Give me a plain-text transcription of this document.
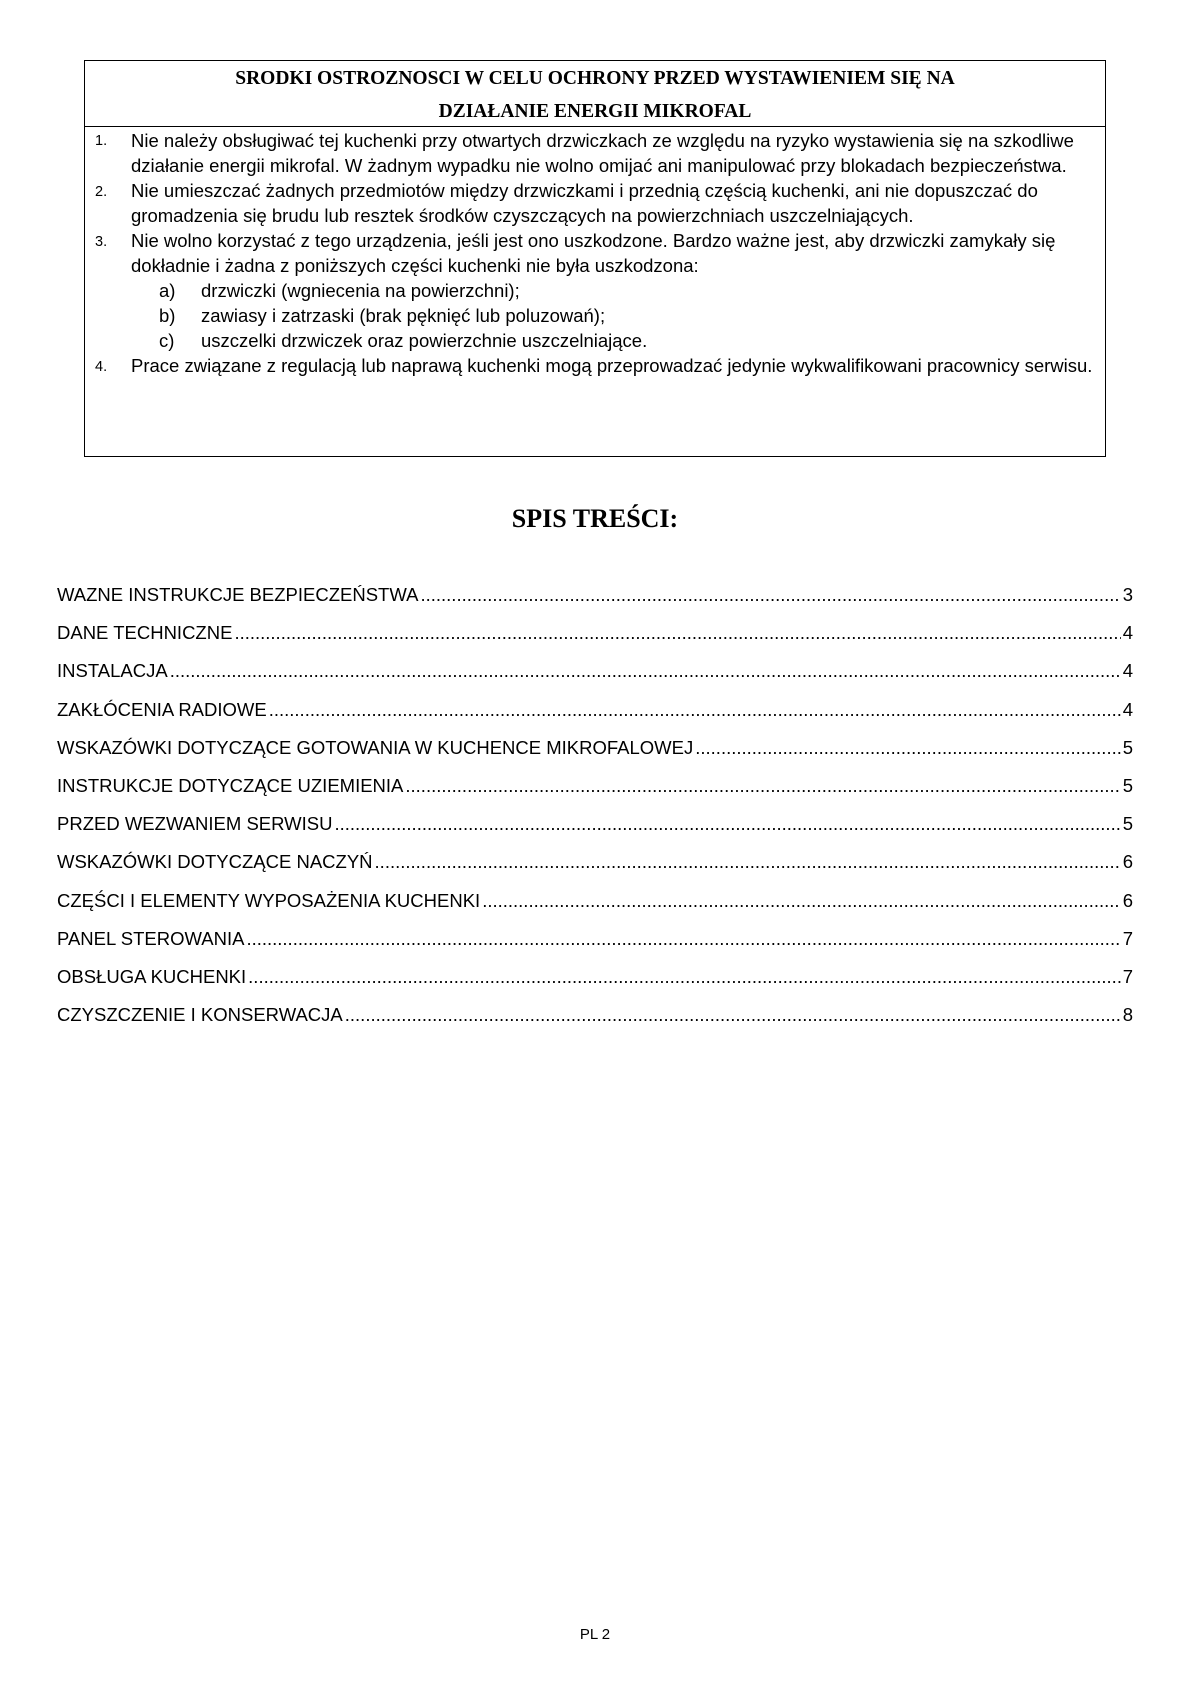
SRODKI OSTROZNOSCI W CELU OCHRONY PRZED WYSTAWIENIEM SIĘ NA
DZIAŁANIE ENERGII MIKROFAL
1. Nie należy obsługiwać tej kuchenki przy otwartych drzwiczkach ze względu na ryzyko wystawienia się na szkodliwe działanie energii mikrofal. W żadnym wypadku nie wolno omijać ani manipulować przy blokadach bezpieczeństwa.
2. Nie umieszczać żadnych przedmiotów między drzwiczkami i przednią częścią kuchenki, ani nie dopuszczać do gromadzenia się brudu lub resztek środków czyszczących na powierzchniach uszczelniających.
3. Nie wolno korzystać z tego urządzenia, jeśli jest ono uszkodzone. Bardzo ważne jest, aby drzwiczki zamykały się dokładnie i żadna z poniższych części kuchenki nie była uszkodzona:
a)	drzwiczki (wgniecenia na powierzchni);
b)	zawiasy i zatrzaski (brak pęknięć lub poluzowań);
c)	uszczelki drzwiczek oraz powierzchnie uszczelniające.
4. Prace związane z regulacją lub naprawą kuchenki mogą przeprowadzać jedynie wykwalifikowani pracownicy serwisu.
SPIS TREŚCI:
WAZNE INSTRUKCJE BEZPIECZEŃSTWA .....	3
DANE TECHNICZNE .....	4
INSTALACJA .....	4
ZAKŁÓCENIA RADIOWE .....	4
WSKAZÓWKI DOTYCZĄCE GOTOWANIA W KUCHENCE MIKROFALOWEJ .....	5
INSTRUKCJE DOTYCZĄCE UZIEMIENIA .....	5
PRZED WEZWANIEM SERWISU .....	5
WSKAZÓWKI DOTYCZĄCE NACZYŃ .....	6
CZĘŚCI I ELEMENTY WYPOSAŻENIA KUCHENKI .....	6
PANEL STEROWANIA .....	7
OBSŁUGA KUCHENKI .....	7
CZYSZCZENIE I KONSERWACJA .....	8
PL 2
